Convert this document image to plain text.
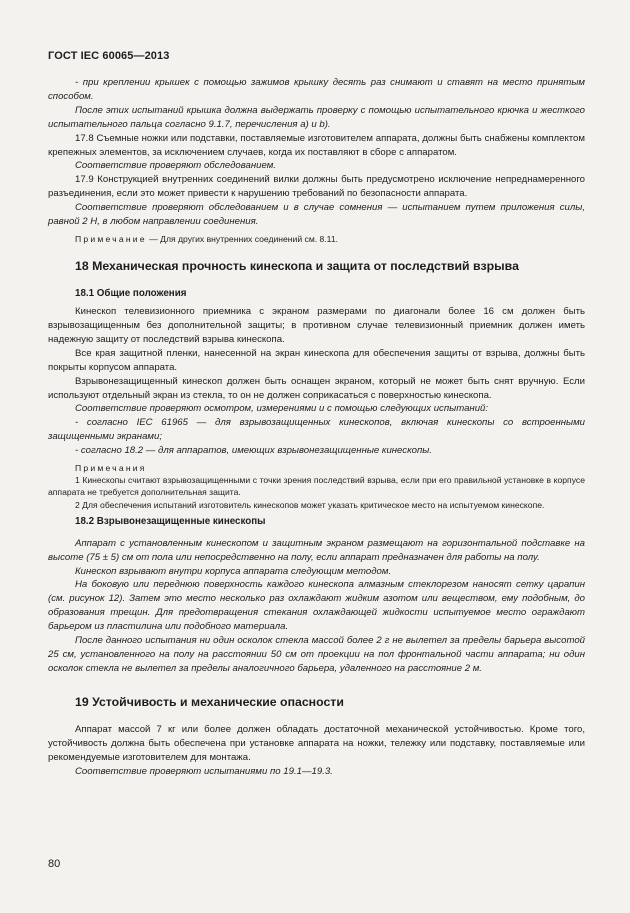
ГОСТ IEC 60065—2013

- при креплении крышек с помощью зажимов крышку десять раз снимают и ставят на место принятым способом.

После этих испытаний крышка должна выдержать проверку с помощью испытательного крючка и жесткого испытательного пальца согласно 9.1.7, перечисления а) и b).

17.8 Съемные ножки или подставки, поставляемые изготовителем аппарата, должны быть снабжены комплектом крепежных элементов, за исключением случаев, когда их поставляют в сборе с аппаратом.

Соответствие проверяют обследованием.

17.9 Конструкцией внутренних соединений вилки должны быть предусмотрено исключение непреднамеренного разъединения, если это может привести к нарушению требований по безопасности аппарата.

Соответствие проверяют обследованием и в случае сомнения — испытанием путем приложения силы, равной 2 Н, в любом направлении соединения.

Примечание — Для других внутренних соединений см. 8.11.

18 Механическая прочность кинескопа и защита от последствий взрыва

18.1 Общие положения

Кинескоп телевизионного приемника с экраном размерами по диагонали более 16 см должен быть взрывозащищенным без дополнительной защиты; в противном случае телевизионный приемник должен иметь надежную защиту от последствий взрыва кинескопа.

Все края защитной пленки, нанесенной на экран кинескопа для обеспечения защиты от взрыва, должны быть покрыты корпусом аппарата.

Взрывонезащищенный кинескоп должен быть оснащен экраном, который не может быть снят вручную. Если используют отдельный экран из стекла, то он не должен соприкасаться с поверхностью кинескопа.

Соответствие проверяют осмотром, измерениями и с помощью следующих испытаний:

- согласно IEC 61965 — для взрывозащищенных кинескопов, включая кинескопы со встроенными защищенными экранами;

- согласно 18.2 — для аппаратов, имеющих взрывонезащищенные кинескопы.

Примечания

1 Кинескопы считают взрывозащищенными с точки зрения последствий взрыва, если при его правильной установке в корпусе аппарата не требуется дополнительная защита.

2 Для обеспечения испытаний изготовитель кинескопов может указать критическое место на испытуемом кинескопе.

18.2 Взрывонезащищенные кинескопы

Аппарат с установленным кинескопом и защитным экраном размещают на горизонтальной подставке на высоте (75 ± 5) см от пола или непосредственно на полу, если аппарат предназначен для работы на полу.

Кинескоп взрывают внутри корпуса аппарата следующим методом.

На боковую или переднюю поверхность каждого кинескопа алмазным стеклорезом наносят сетку царапин (см. рисунок 12). Затем это место несколько раз охлаждают жидким азотом или веществом, ему подобным, до образования трещин. Для предотвращения стекания охлаждающей жидкости испытуемое место ограждают барьером из пластилина или подобного материала.

После данного испытания ни один осколок стекла массой более 2 г не вылетел за пределы барьера высотой 25 см, установленного на полу на расстоянии 50 см от проекции на пол фронтальной части аппарата; ни один осколок стекла не вылетел за пределы аналогичного барьера, удаленного на расстояние 2 м.

19 Устойчивость и механические опасности

Аппарат массой 7 кг или более должен обладать достаточной механической устойчивостью. Кроме того, устойчивость должна быть обеспечена при установке аппарата на ножки, тележку или подставку, поставляемые или рекомендуемые изготовителем для монтажа.

Соответствие проверяют испытаниями по 19.1—19.3.

80
